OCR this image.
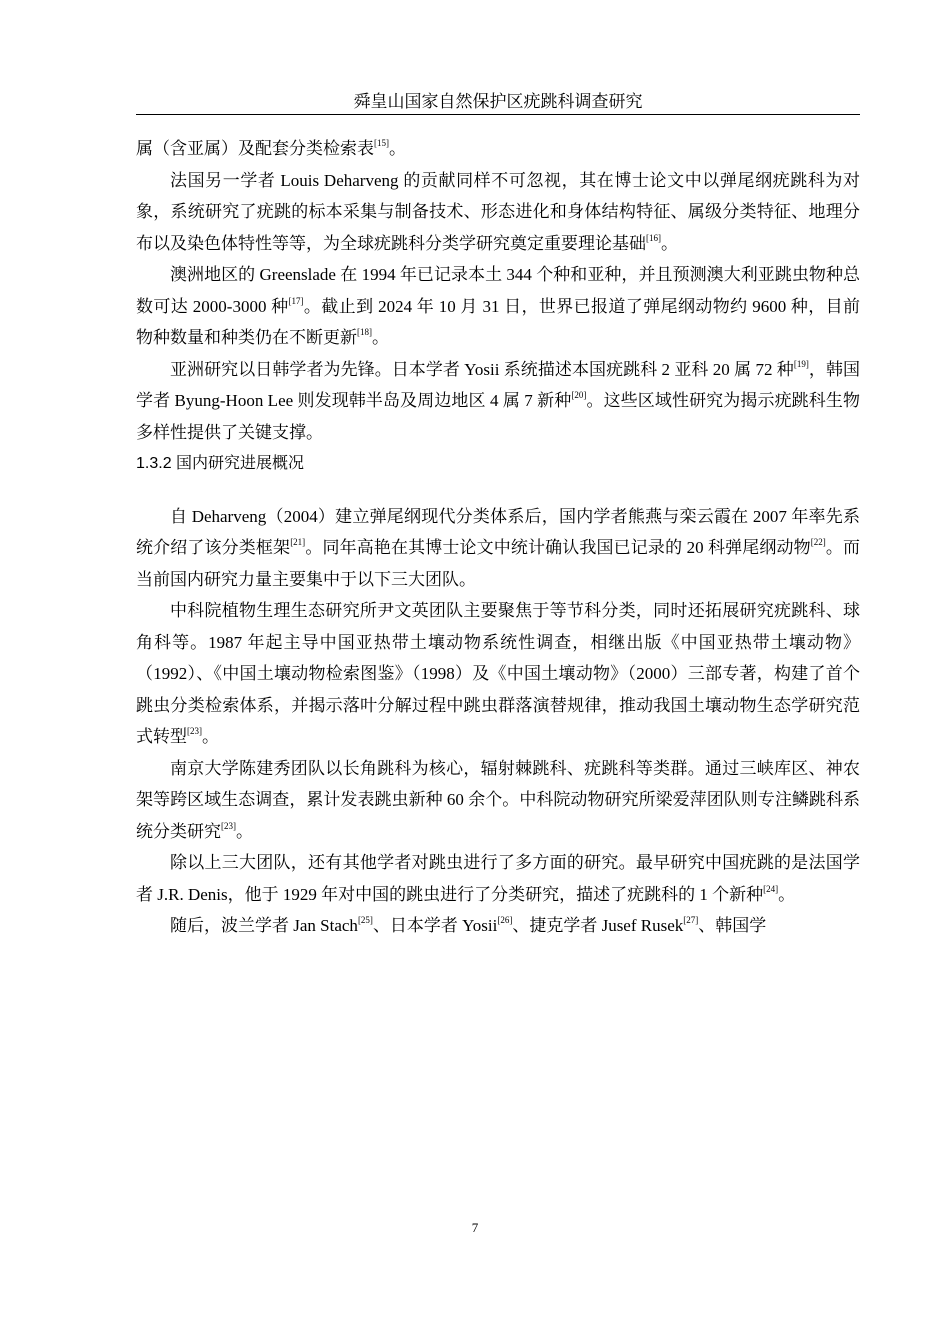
舜皇山国家自然保护区疣跳科调查研究

属（含亚属）及配套分类检索表[15]。

法国另一学者 Louis Deharveng 的贡献同样不可忽视，其在博士论文中以弹尾纲疣跳科为对象，系统研究了疣跳的标本采集与制备技术、形态进化和身体结构特征、属级分类特征、地理分布以及染色体特性等等，为全球疣跳科分类学研究奠定重要理论基础[16]。

澳洲地区的 Greenslade 在 1994 年已记录本土 344 个种和亚种，并且预测澳大利亚跳虫物种总数可达 2000-3000 种[17]。截止到 2024 年 10 月 31 日，世界已报道了弹尾纲动物约 9600 种，目前物种数量和种类仍在不断更新[18]。

亚洲研究以日韩学者为先锋。日本学者 Yosii 系统描述本国疣跳科 2 亚科 20 属 72 种[19]，韩国学者 Byung-Hoon Lee 则发现韩半岛及周边地区 4 属 7 新种[20]。这些区域性研究为揭示疣跳科生物多样性提供了关键支撑。

1.3.2 国内研究进展概况

自 Deharveng（2004）建立弹尾纲现代分类体系后，国内学者熊燕与栾云霞在 2007 年率先系统介绍了该分类框架[21]。同年高艳在其博士论文中统计确认我国已记录的 20 科弹尾纲动物[22]。而当前国内研究力量主要集中于以下三大团队。

中科院植物生理生态研究所尹文英团队主要聚焦于等节科分类，同时还拓展研究疣跳科、球角科等。1987 年起主导中国亚热带土壤动物系统性调查，相继出版《中国亚热带土壤动物》（1992）、《中国土壤动物检索图鉴》（1998）及《中国土壤动物》（2000）三部专著，构建了首个跳虫分类检索体系，并揭示落叶分解过程中跳虫群落演替规律，推动我国土壤动物生态学研究范式转型[23]。

南京大学陈建秀团队以长角跳科为核心，辐射棘跳科、疣跳科等类群。通过三峡库区、神农架等跨区域生态调查，累计发表跳虫新种 60 余个。中科院动物研究所梁爱萍团队则专注鳞跳科系统分类研究[23]。

除以上三大团队，还有其他学者对跳虫进行了多方面的研究。最早研究中国疣跳的是法国学者 J.R. Denis，他于 1929 年对中国的跳虫进行了分类研究，描述了疣跳科的 1 个新种[24]。

随后，波兰学者 Jan Stach[25]、日本学者 Yosii[26]、捷克学者 Jusef Rusek[27]、韩国学

7
